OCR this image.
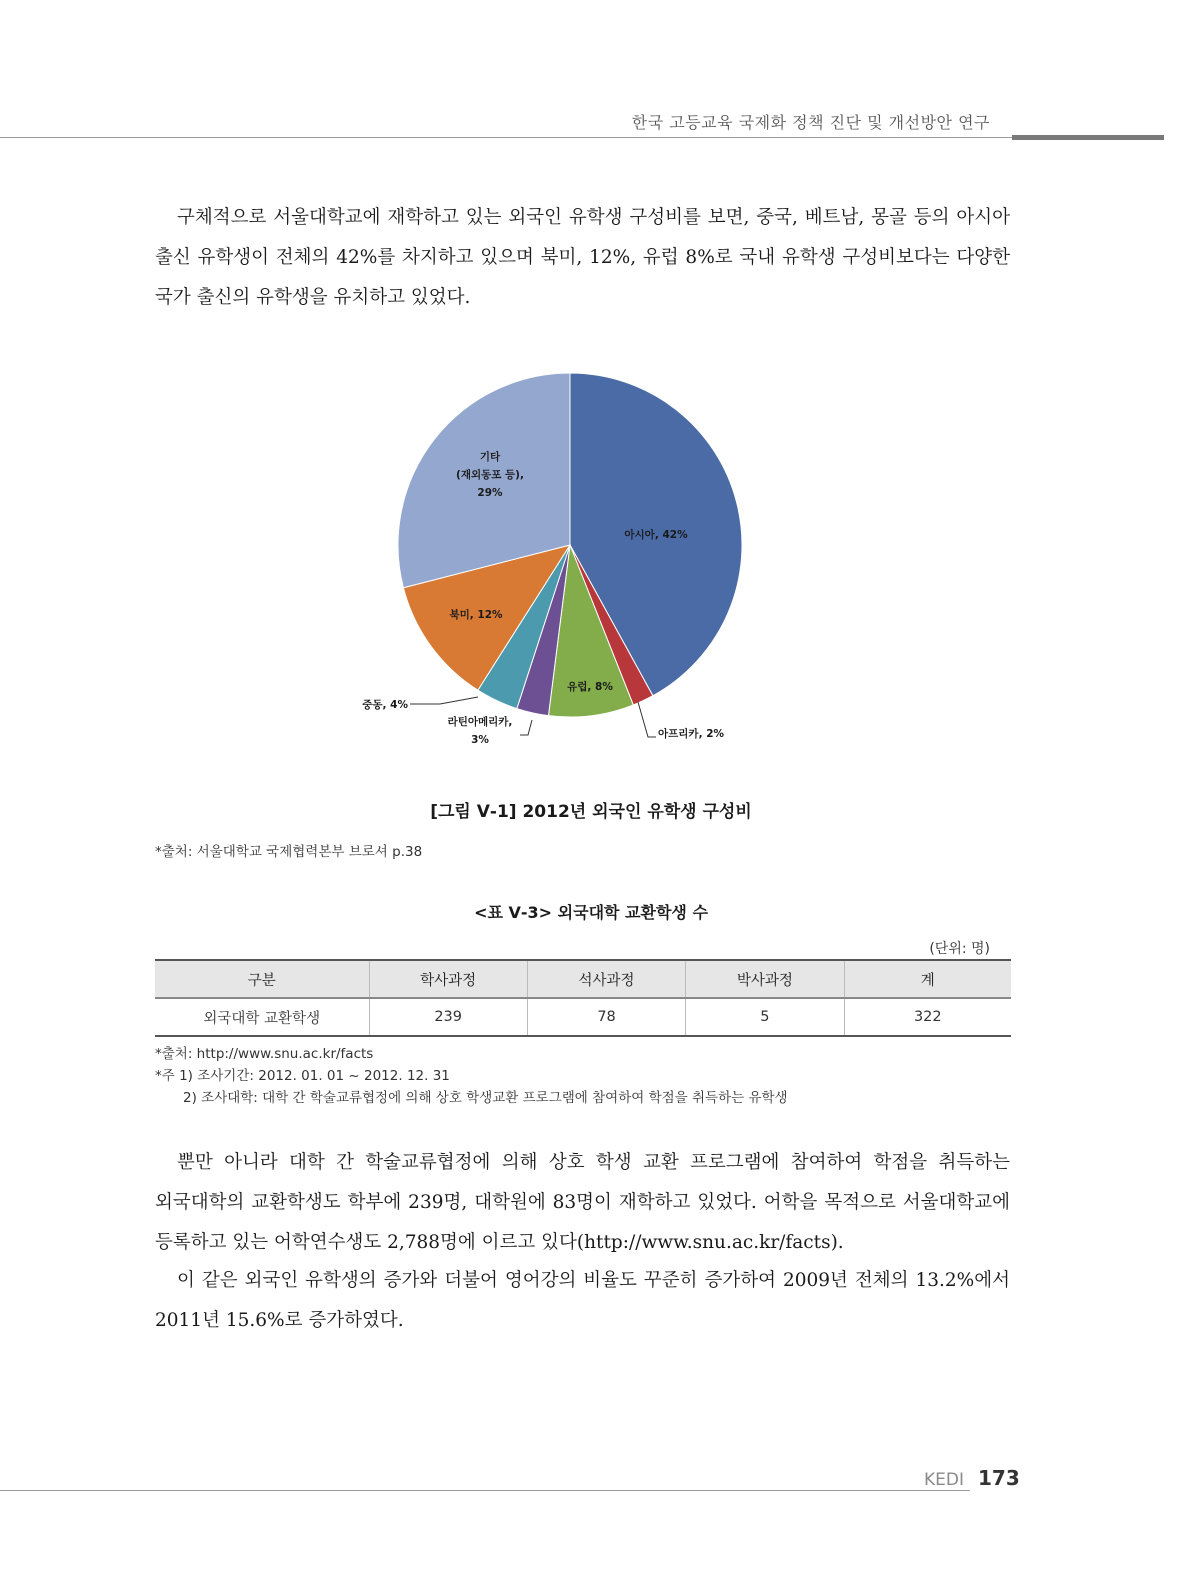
한국 고등교육 국제화 정책 진단 및 개선방안 연구

구체적으로 서울대학교에 재학하고 있는 외국인 유학생 구성비를 보면, 중국, 베트남, 몽골 등의 아시아 출신 유학생이 전체의 42%를 차지하고 있으며 북미, 12%, 유럽 8%로 국내 유학생 구성비보다는 다양한 국가 출신의 유학생을 유치하고 있었다.

아시아, 42%
아프리카, 2%
유럽, 8%
라틴아메리카, 3%
중동, 4%
북미, 12%
기타 (재외동포 등), 29%
[그림 Ⅴ-1] 2012년 외국인 유학생 구성비
*출처: 서울대학교 국제협력본부 브로셔 p.38
<표 Ⅴ-3> 외국대학 교환학생 수
(단위: 명)
구분	학사과정	석사과정	박사과정	계
외국대학 교환학생	239	78	5	322
*출처: http://www.snu.ac.kr/facts
*주 1) 조사기간: 2012. 01. 01 ~ 2012. 12. 31
2) 조사대학: 대학 간 학술교류협정에 의해 상호 학생교환 프로그램에 참여하여 학점을 취득하는 유학생

뿐만 아니라 대학 간 학술교류협정에 의해 상호 학생 교환 프로그램에 참여하여 학점을 취득하는 외국대학의 교환학생도 학부에 239명, 대학원에 83명이 재학하고 있었다. 어학을 목적으로 서울대학교에 등록하고 있는 어학연수생도 2,788명에 이르고 있다(http://www.snu.ac.kr/facts).

이 같은 외국인 유학생의 증가와 더불어 영어강의 비율도 꾸준히 증가하여 2009년 전체의 13.2%에서 2011년 15.6%로 증가하였다.

KEDI 173
